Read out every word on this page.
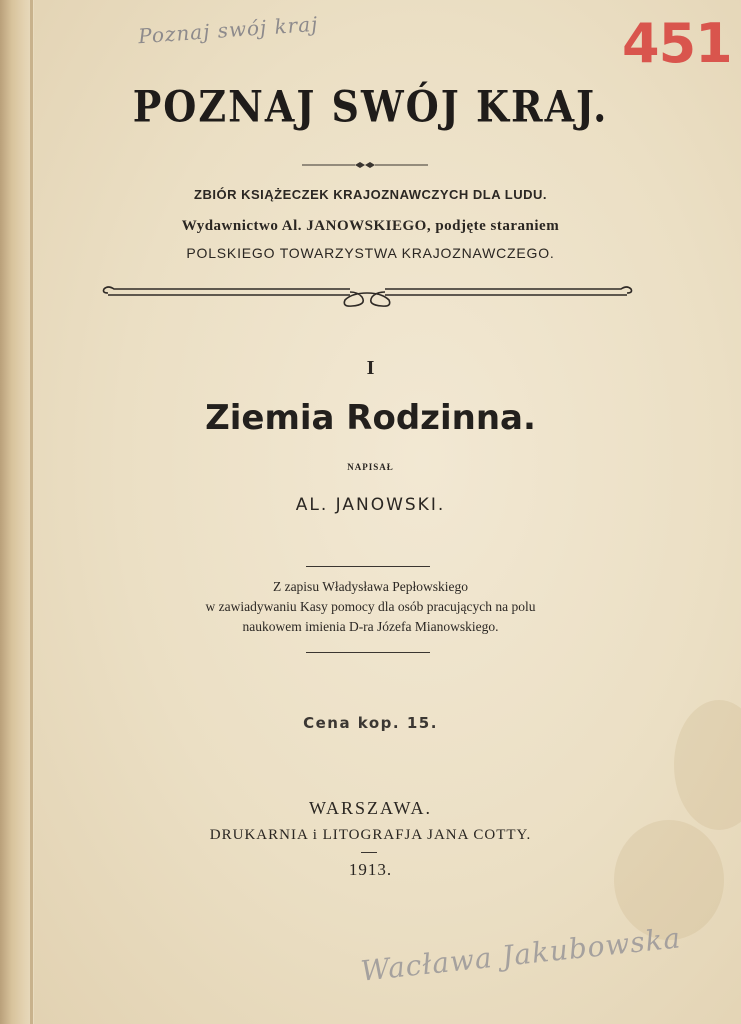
Poznaj swój kraj	451
POZNAJ SWÓJ KRAJ.
ZBIÓR KSIĄŻECZEK KRAJOZNAWCZYCH DLA LUDU.
Wydawnictwo Al. JANOWSKIEGO, podjęte staraniem
POLSKIEGO TOWARZYSTWA KRAJOZNAWCZEGO.
I
Ziemia Rodzinna.
NAPISAŁ
AL. JANOWSKI.
Z zapisu Władysława Pepłowskiego
w zawiadywaniu Kasy pomocy dla osób pracujących na polu
naukowem imienia D-ra Józefa Mianowskiego.
Cena kop. 15.
WARSZAWA.
DRUKARNIA i LITOGRAFJA JANA COTTY.
1913.
Wacława Jakubowska
